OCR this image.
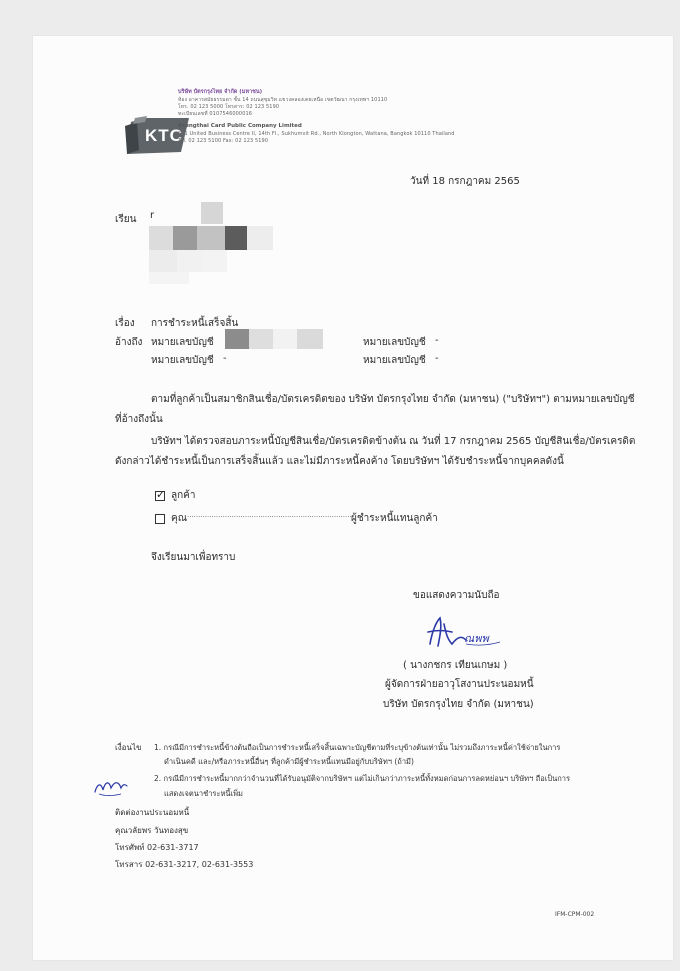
KTC
บริษัท บัตรกรุงไทย จำกัด (มหาชน)
ห้อง อาคารสมัยธรรมดา ชั้น 14 ถนนสุขุมวิท แขวงคลองเตยเหนือ เขตวัฒนา กรุงเทพฯ 10110
โทร. 02 123 5000 โทรสาร: 02 123 5190
ทะเบียนเลขที่ 0107546000016
Krungthai Card Public Company Limited
591 United Business Centre II, 14th Fl., Sukhumvit Rd., North Klongton, Wattana, Bangkok 10110 Thailand
Tel. 02 123 5100 Fax: 02 123 5190
วันที่ 18 กรกฎาคม 2565
เรียน r
เรื่อง การชำระหนี้เสร็จสิ้น
อ้างถึง หมายเลขบัญชี	หมายเลขบัญชี -
หมายเลขบัญชี -	หมายเลขบัญชี -
ตามที่ลูกค้าเป็นสมาชิกสินเชื่อ/บัตรเครดิตของ บริษัท บัตรกรุงไทย จำกัด (มหาชน) ("บริษัทฯ") ตามหมายเลขบัญชี
ที่อ้างถึงนั้น
บริษัทฯ ได้ตรวจสอบภาระหนี้บัญชีสินเชื่อ/บัตรเครดิตข้างต้น ณ วันที่ 17 กรกฎาคม 2565 บัญชีสินเชื่อ/บัตรเครดิต
ดังกล่าวได้ชำระหนี้เป็นการเสร็จสิ้นแล้ว และไม่มีภาระหนี้คงค้าง โดยบริษัทฯ ได้รับชำระหนี้จากบุคคลดังนี้
✓ ลูกค้า
คุณ .......................................................................... ผู้ชำระหนี้แทนลูกค้า
จึงเรียนมาเพื่อทราบ
ขอแสดงความนับถือ
ณพพ
( นางกชกร เทียนเกษม )
ผู้จัดการฝ่ายอาวุโสงานประนอมหนี้
บริษัท บัตรกรุงไทย จำกัด (มหาชน)
เงื่อนไข 1. กรณีมีการชำระหนี้ข้างต้นถือเป็นการชำระหนี้เสร็จสิ้นเฉพาะบัญชีตามที่ระบุข้างต้นเท่านั้น ไม่รวมถึงภาระหนี้ค่าใช้จ่ายในการ
ดำเนินคดี และ/หรือภาระหนี้อื่นๆ ที่ลูกค้ามีผู้ชำระหนี้แทนมีอยู่กับบริษัทฯ (ถ้ามี)
2. กรณีมีการชำระหนี้มากกว่าจำนวนที่ได้รับอนุมัติจากบริษัทฯ แต่ไม่เกินกว่าภาระหนี้ทั้งหมดก่อนการลดหย่อนฯ บริษัทฯ ถือเป็นการ
แสดงเจตนาชำระหนี้เพิ่ม
ติดต่องานประนอมหนี้
คุณวลัยพร วันทองสุข
โทรศัพท์ 02-631-3717
โทรสาร 02-631-3217, 02-631-3553
IFM-CPM-002
